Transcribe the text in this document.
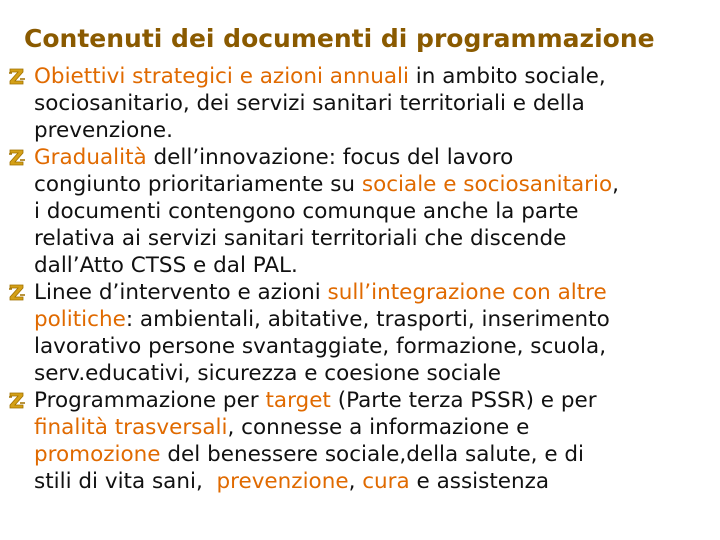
Contenuti dei documenti di programmazione
Obiettivi strategici e azioni annuali in ambito sociale,
sociosanitario, dei servizi sanitari territoriali e della
prevenzione.
Gradualità dell’innovazione: focus del lavoro
congiunto prioritariamente su sociale e sociosanitario,
i documenti contengono comunque anche la parte
relativa ai servizi sanitari territoriali che discende
dall’Atto CTSS e dal PAL.
Linee d’intervento e azioni sull’integrazione con altre
politiche: ambientali, abitative, trasporti, inserimento
lavorativo persone svantaggiate, formazione, scuola,
serv.educativi, sicurezza e coesione sociale
Programmazione per target (Parte terza PSSR) e per
finalità trasversali, connesse a informazione e
promozione del benessere sociale,della salute, e di
stili di vita sani,  prevenzione, cura e assistenza
